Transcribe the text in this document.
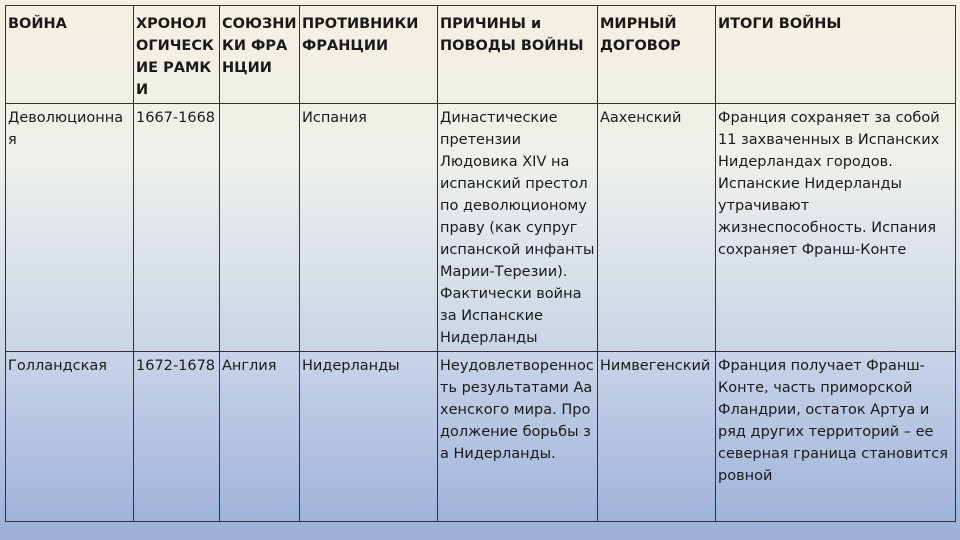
ВОЙНА	ХРОНОЛОГИЧЕСКИЕ РАМКИ	СОЮЗНИКИ ФРАНЦИИ	ПРОТИВНИКИ ФРАНЦИИ	ПРИЧИНЫ и ПОВОДЫ ВОЙНЫ	МИРНЫЙ ДОГОВОР	ИТОГИ ВОЙНЫ
Деволюционная	1667-1668		Испания	Династические претензии Людовика XIV на испанский престол по деволюционому праву (как супруг испанской инфанты Марии-Терезии). Фактически война за Испанские Нидерланды	Аахенский	Франция сохраняет за собой 11 захваченных в Испанских Нидерландах городов. Испанские Нидерланды утрачивают жизнеспособность. Испания сохраняет Франш-Конте
Голландская	1672-1678	Англия	Нидерланды	Неудовлетворенность результатами Аахенского мира. Продолжение борьбы за Нидерланды.	Нимвегенский	Франция получает Франш-Конте, часть приморской Фландрии, остаток Артуа и ряд других территорий – ее северная граница становится ровной
